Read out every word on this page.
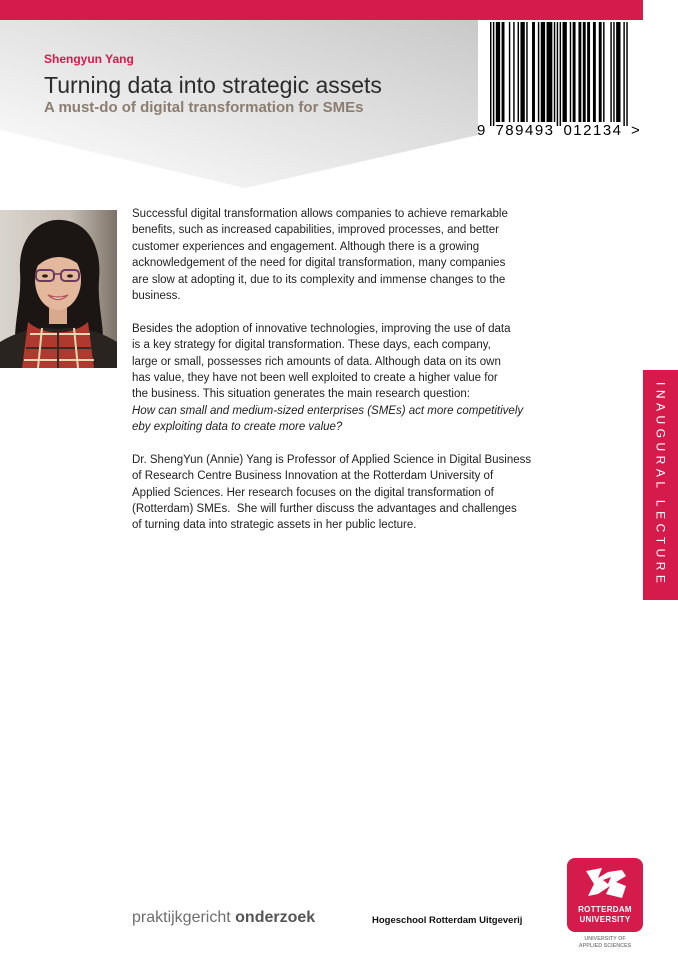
9 789493 012134 >
Shengyun Yang
Turning data into strategic assets
A must-do of digital transformation for SMEs
Successful digital transformation allows companies to achieve remarkable
benefits, such as increased capabilities, improved processes, and better
customer experiences and engagement. Although there is a growing
acknowledgement of the need for digital transformation, many companies
are slow at adopting it, due to its complexity and immense changes to the
business.
Besides the adoption of innovative technologies, improving the use of data
is a key strategy for digital transformation. These days, each company,
large or small, possesses rich amounts of data. Although data on its own
has value, they have not been well exploited to create a higher value for
the business. This situation generates the main research question:
How can small and medium-sized enterprises (SMEs) act more competitively
eby exploiting data to create more value?
Dr. ShengYun (Annie) Yang is Professor of Applied Science in Digital Business
of Research Centre Business Innovation at the Rotterdam University of
Applied Sciences. Her research focuses on the digital transformation of
(Rotterdam) SMEs.  She will further discuss the advantages and challenges
of turning data into strategic assets in her public lecture.	INAUGURAL LECTURE
praktijkgericht onderzoek	Hogeschool Rotterdam Uitgeverij
ROTTERDAM
UNIVERSITY
UNIVERSITY OF
APPLIED SCIENCES
